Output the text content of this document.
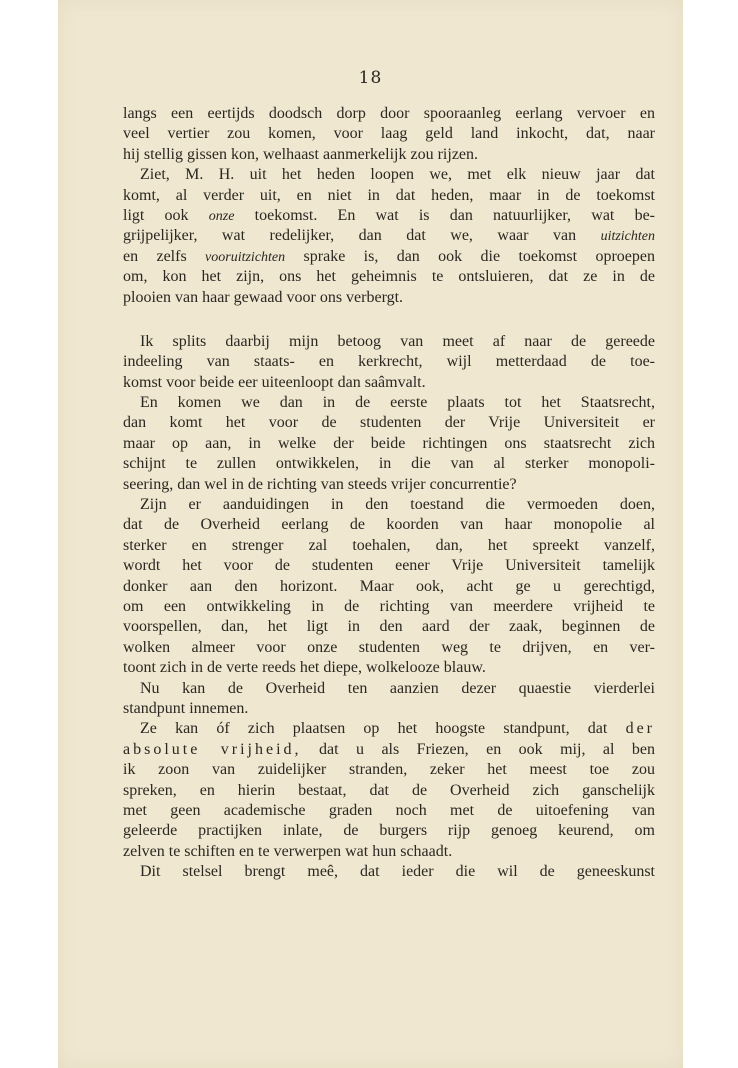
18
langs een eertijds doodsch dorp door spooraanleg eerlang vervoer en
veel vertier zou komen, voor laag geld land inkocht, dat, naar
hij stellig gissen kon, welhaast aanmerkelijk zou rijzen.
Ziet, M. H. uit het heden loopen we, met elk nieuw jaar dat
komt, al verder uit, en niet in dat heden, maar in de toekomst
ligt ook onze toekomst. En wat is dan natuurlijker, wat be-
grijpelijker, wat redelijker, dan dat we, waar van uitzichten
en zelfs vooruitzichten sprake is, dan ook die toekomst oproepen
om, kon het zijn, ons het geheimnis te ontsluieren, dat ze in de
plooien van haar gewaad voor ons verbergt.
Ik splits daarbij mijn betoog van meet af naar de gereede
indeeling van staats- en kerkrecht, wijl metterdaad de toe-
komst voor beide eer uiteenloopt dan saâmvalt.
En komen we dan in de eerste plaats tot het Staatsrecht,
dan komt het voor de studenten der Vrije Universiteit er
maar op aan, in welke der beide richtingen ons staatsrecht zich
schijnt te zullen ontwikkelen, in die van al sterker monopoli-
seering, dan wel in de richting van steeds vrijer concurrentie?
Zijn er aanduidingen in den toestand die vermoeden doen,
dat de Overheid eerlang de koorden van haar monopolie al
sterker en strenger zal toehalen, dan, het spreekt vanzelf,
wordt het voor de studenten eener Vrije Universiteit tamelijk
donker aan den horizont. Maar ook, acht ge u gerechtigd,
om een ontwikkeling in de richting van meerdere vrijheid te
voorspellen, dan, het ligt in den aard der zaak, beginnen de
wolken almeer voor onze studenten weg te drijven, en ver-
toont zich in de verte reeds het diepe, wolkelooze blauw.
Nu kan de Overheid ten aanzien dezer quaestie vierderlei
standpunt innemen.
Ze kan óf zich plaatsen op het hoogste standpunt, dat der
absolute vrijheid, dat u als Friezen, en ook mij, al ben
ik zoon van zuidelijker stranden, zeker het meest toe zou
spreken, en hierin bestaat, dat de Overheid zich ganschelijk
met geen academische graden noch met de uitoefening van
geleerde practijken inlate, de burgers rijp genoeg keurend, om
zelven te schiften en te verwerpen wat hun schaadt.
Dit stelsel brengt meê, dat ieder die wil de geneeskunst
